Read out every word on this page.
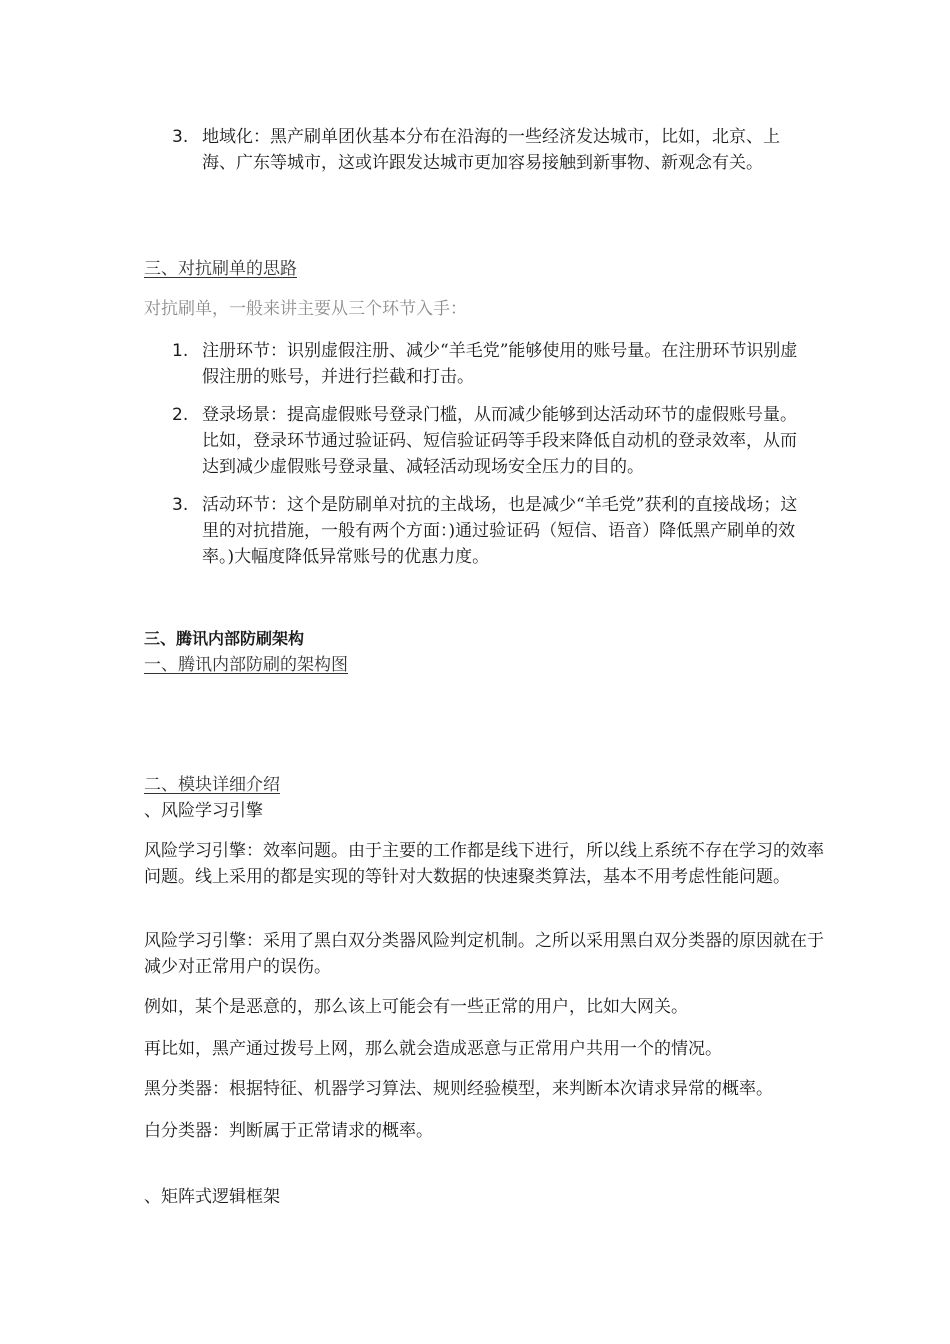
3. 地域化：黑产刷单团伙基本分布在沿海的一些经济发达城市，比如，北京、上海、广东等城市，这或许跟发达城市更加容易接触到新事物、新观念有关。
三、对抗刷单的思路
对抗刷单，一般来讲主要从三个环节入手：
1. 注册环节：识别虚假注册、减少“羊毛党”能够使用的账号量。在注册环节识别虚假注册的账号，并进行拦截和打击。
2. 登录场景：提高虚假账号登录门槛，从而减少能够到达活动环节的虚假账号量。比如，登录环节通过验证码、短信验证码等手段来降低自动机的登录效率，从而达到减少虚假账号登录量、减轻活动现场安全压力的目的。
3. 活动环节：这个是防刷单对抗的主战场，也是减少“羊毛党”获利的直接战场；这里的对抗措施，一般有两个方面：)通过验证码（短信、语音）降低黑产刷单的效率。)大幅度降低异常账号的优惠力度。
三、腾讯内部防刷架构
一、腾讯内部防刷的架构图
二、模块详细介绍
、风险学习引擎
风险学习引擎：效率问题。由于主要的工作都是线下进行，所以线上系统不存在学习的效率问题。线上采用的都是实现的等针对大数据的快速聚类算法，基本不用考虑性能问题。
风险学习引擎：采用了黑白双分类器风险判定机制。之所以采用黑白双分类器的原因就在于减少对正常用户的误伤。
例如，某个是恶意的，那么该上可能会有一些正常的用户，比如大网关。
再比如，黑产通过拨号上网，那么就会造成恶意与正常用户共用一个的情况。
黑分类器：根据特征、机器学习算法、规则经验模型，来判断本次请求异常的概率。
白分类器：判断属于正常请求的概率。
、矩阵式逻辑框架
